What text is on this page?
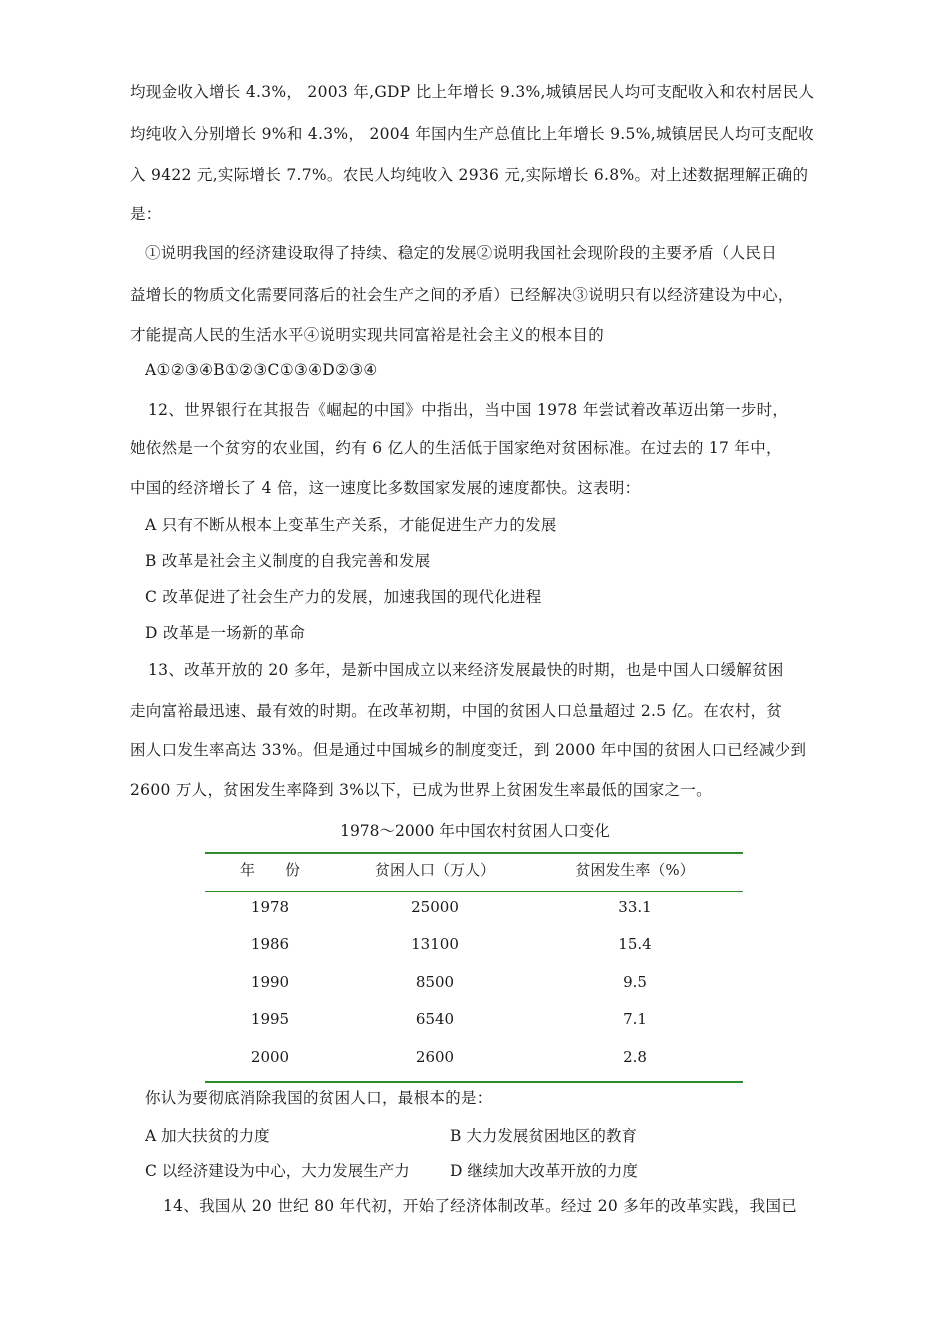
均现金收入增长 4.3%， 2003 年,GDP 比上年增长 9.3%,城镇居民人均可支配收入和农村居民人
均纯收入分别增长 9%和 4.3%， 2004 年国内生产总值比上年增长 9.5%,城镇居民人均可支配收
入 9422 元,实际增长 7.7%。农民人均纯收入 2936 元,实际增长 6.8%。对上述数据理解正确的
是：
①说明我国的经济建设取得了持续、稳定的发展②说明我国社会现阶段的主要矛盾（人民日
益增长的物质文化需要同落后的社会生产之间的矛盾）已经解决③说明只有以经济建设为中心，
才能提高人民的生活水平④说明实现共同富裕是社会主义的根本目的
A①②③④B①②③C①③④D②③④
12、世界银行在其报告《崛起的中国》中指出，当中国 1978 年尝试着改革迈出第一步时，
她依然是一个贫穷的农业国，约有 6 亿人的生活低于国家绝对贫困标准。在过去的 17 年中，
中国的经济增长了 4 倍，这一速度比多数国家发展的速度都快。这表明：
A 只有不断从根本上变革生产关系，才能促进生产力的发展
B 改革是社会主义制度的自我完善和发展
C 改革促进了社会生产力的发展，加速我国的现代化进程
D 改革是一场新的革命
13、改革开放的 20 多年，是新中国成立以来经济发展最快的时期，也是中国人口缓解贫困
走向富裕最迅速、最有效的时期。在改革初期，中国的贫困人口总量超过 2.5 亿。在农村，贫
困人口发生率高达 33%。但是通过中国城乡的制度变迁，到 2000 年中国的贫困人口已经减少到
2600 万人，贫困发生率降到 3%以下，已成为世界上贫困发生率最低的国家之一。
1978～2000 年中国农村贫困人口变化
年　　份	贫困人口（万人）	贫困发生率（%）
1978	25000	33.1
1986	13100	15.4
1990	8500	9.5
1995	6540	7.1
2000	2600	2.8
你认为要彻底消除我国的贫困人口，最根本的是：
A 加大扶贫的力度	B 大力发展贫困地区的教育
C 以经济建设为中心，大力发展生产力	D 继续加大改革开放的力度
14、我国从 20 世纪 80 年代初，开始了经济体制改革。经过 20 多年的改革实践，我国已
